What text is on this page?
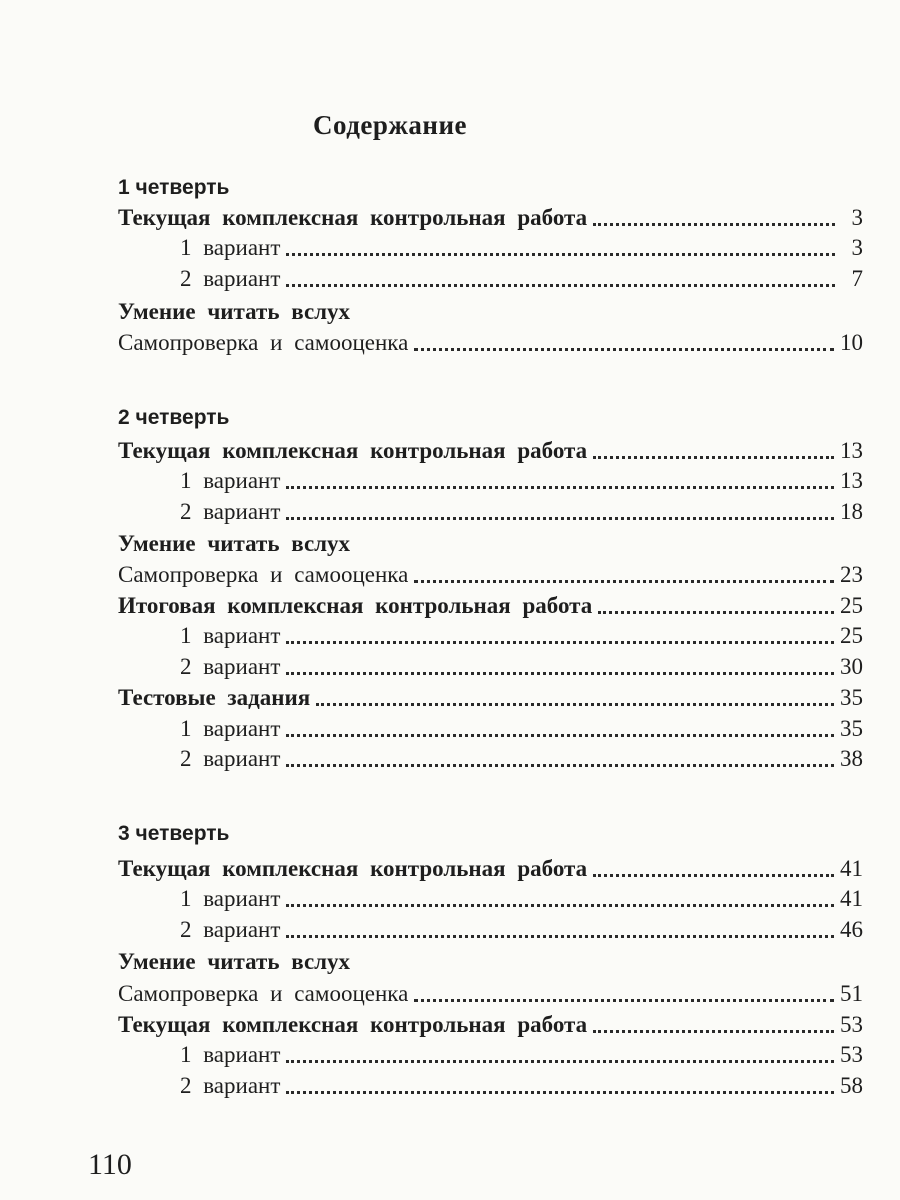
Содержание
1 четверть
Текущая комплексная контрольная работа	3
1 вариант	3
2 вариант	7
Умение читать вслух
Самопроверка и самооценка	10
2 четверть
Текущая комплексная контрольная работа	13
1 вариант	13
2 вариант	18
Умение читать вслух
Самопроверка и самооценка	23
Итоговая комплексная контрольная работа	25
1 вариант	25
2 вариант	30
Тестовые задания	35
1 вариант	35
2 вариант	38
3 четверть
Текущая комплексная контрольная работа	41
1 вариант	41
2 вариант	46
Умение читать вслух
Самопроверка и самооценка	51
Текущая комплексная контрольная работа	53
1 вариант	53
2 вариант	58
110
